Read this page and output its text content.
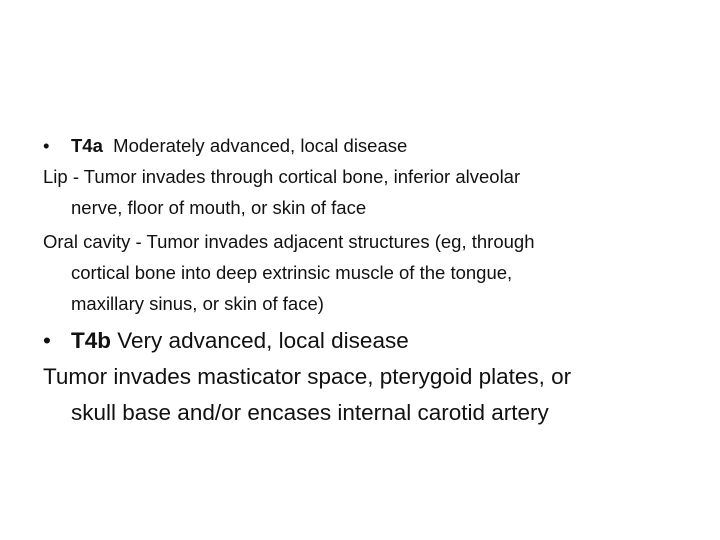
• T4a Moderately advanced, local disease
Lip - Tumor invades through cortical bone, inferior alveolar
nerve, floor of mouth, or skin of face
Oral cavity - Tumor invades adjacent structures (eg, through
cortical bone into deep extrinsic muscle of the tongue,
maxillary sinus, or skin of face)
• T4b Very advanced, local disease
Tumor invades masticator space, pterygoid plates, or
skull base and/or encases internal carotid artery
